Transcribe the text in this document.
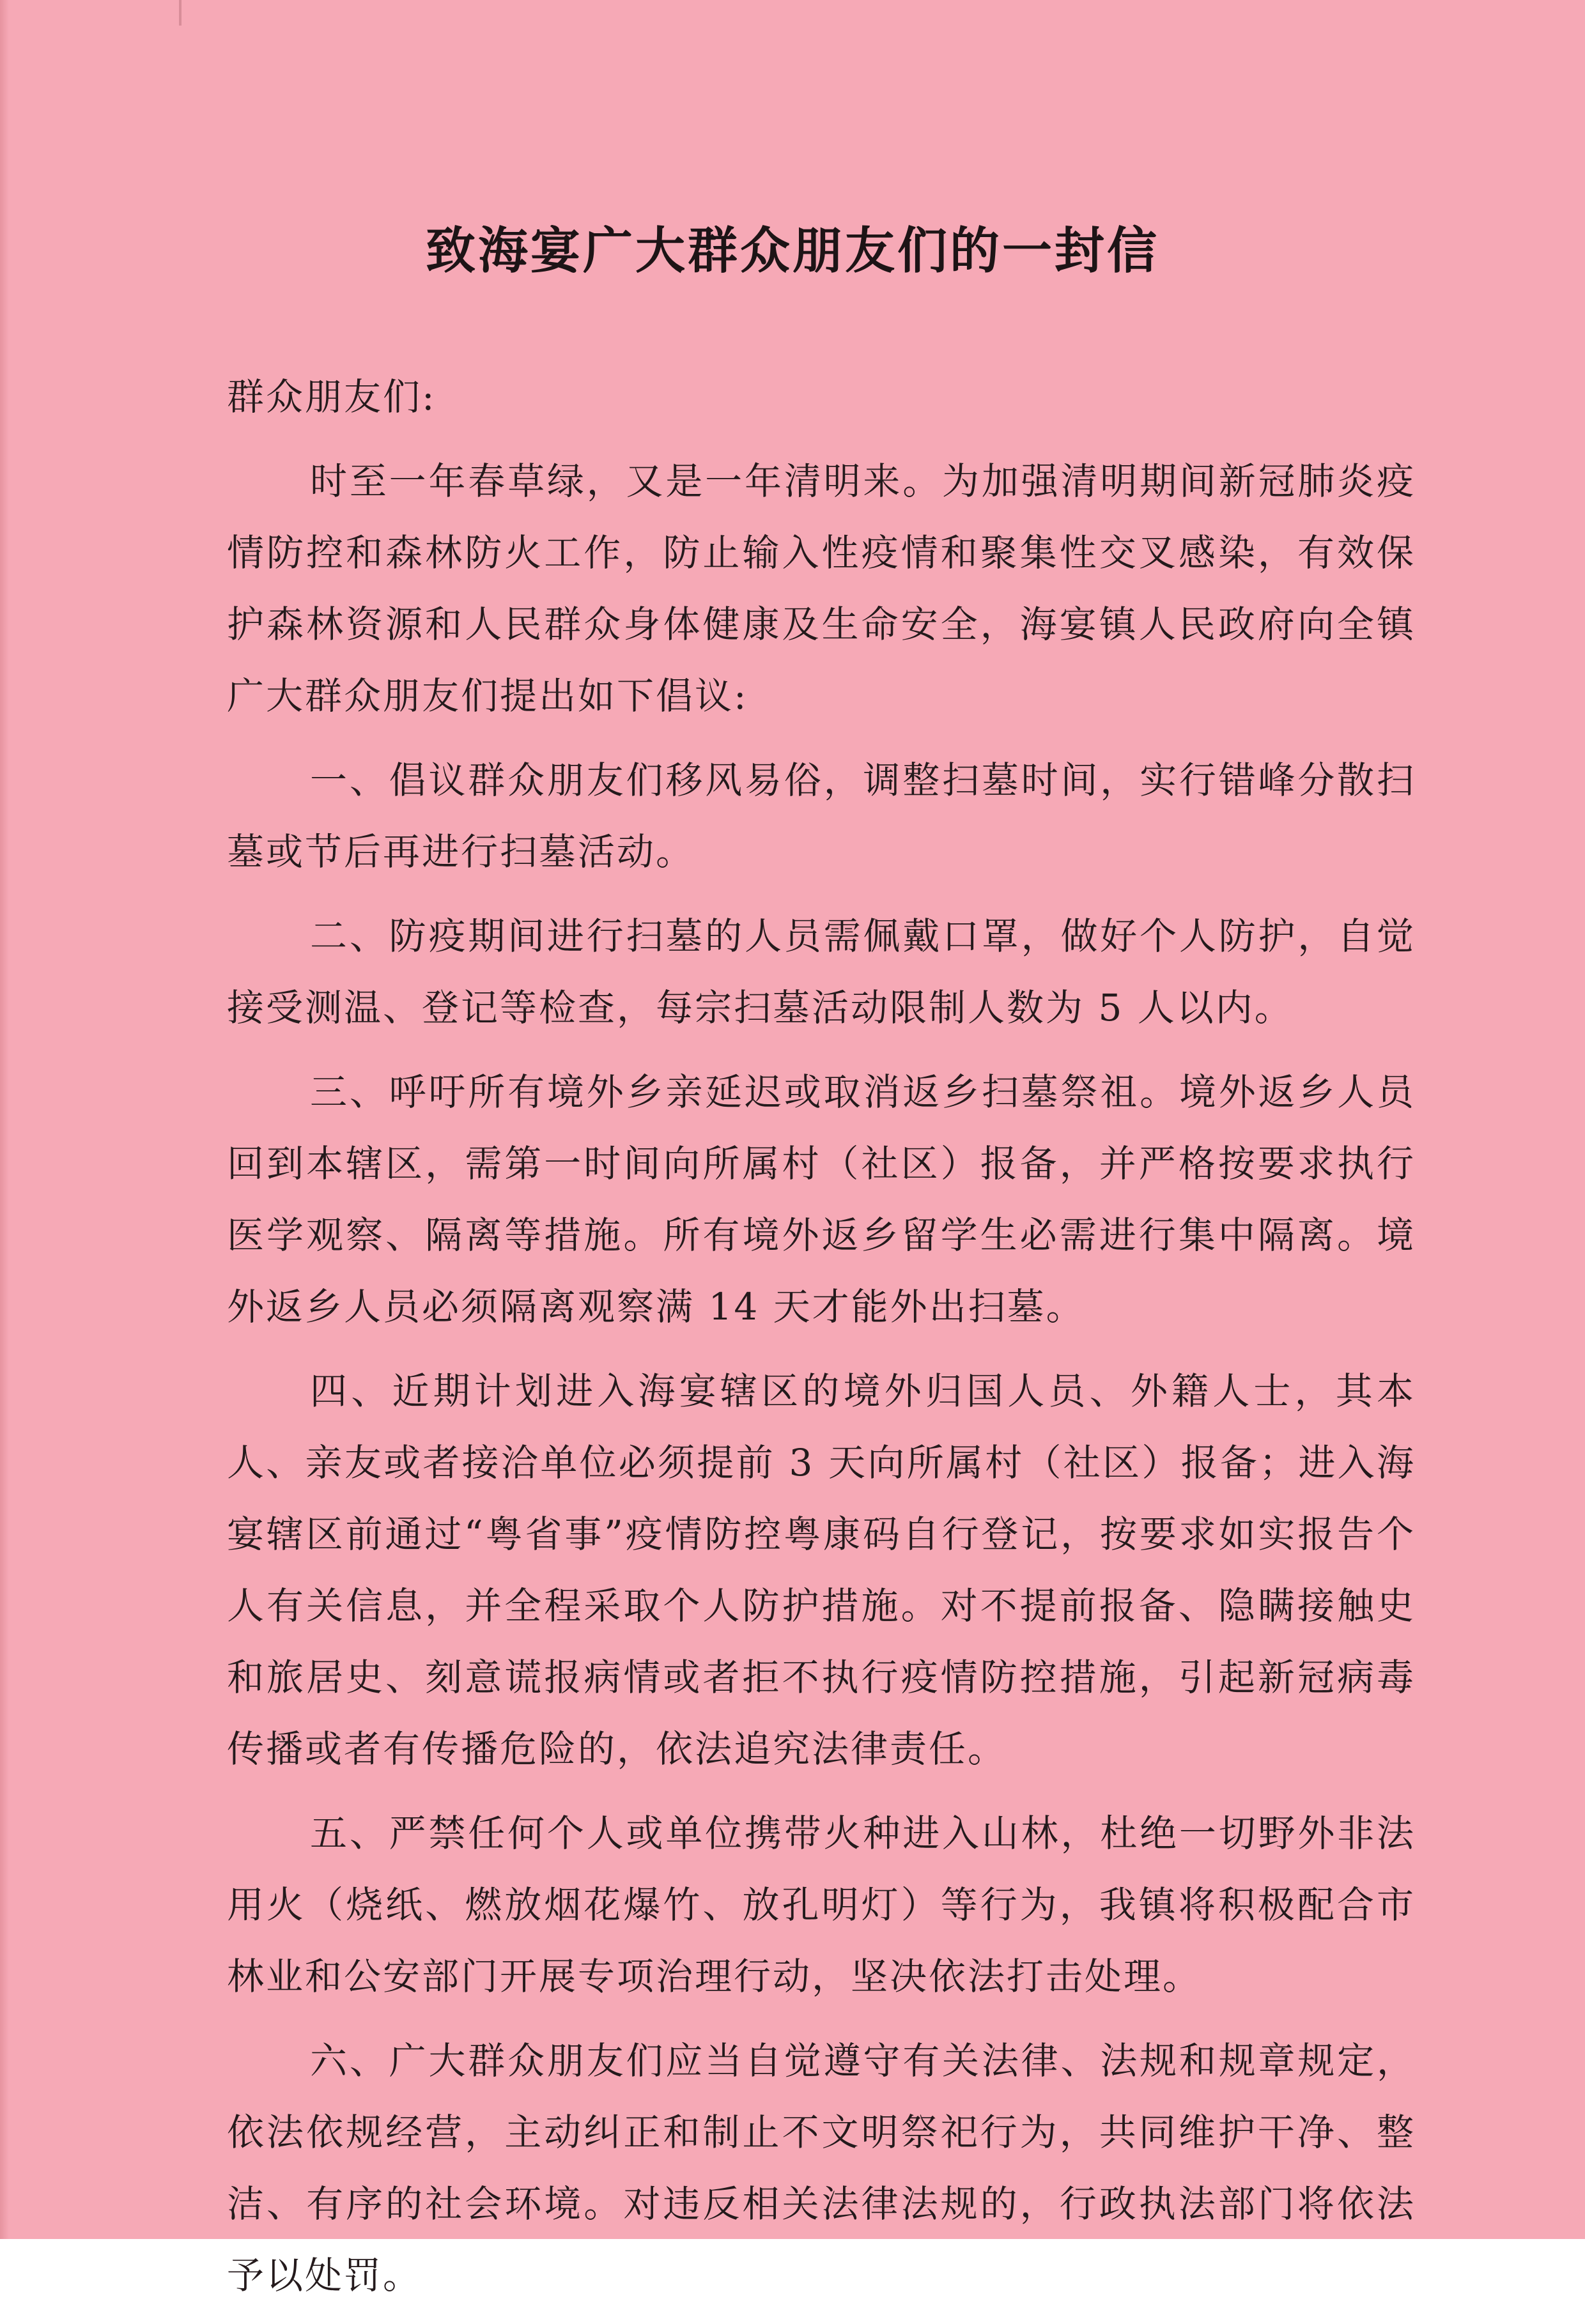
致海宴广大群众朋友们的一封信

群众朋友们:

时至一年春草绿，又是一年清明来。为加强清明期间新冠肺炎疫情防控和森林防火工作，防止输入性疫情和聚集性交叉感染，有效保护森林资源和人民群众身体健康及生命安全，海宴镇人民政府向全镇广大群众朋友们提出如下倡议:

一、倡议群众朋友们移风易俗，调整扫墓时间，实行错峰分散扫墓或节后再进行扫墓活动。

二、防疫期间进行扫墓的人员需佩戴口罩，做好个人防护，自觉接受测温、登记等检查，每宗扫墓活动限制人数为 5 人以内。

三、呼吁所有境外乡亲延迟或取消返乡扫墓祭祖。境外返乡人员回到本辖区，需第一时间向所属村（社区）报备，并严格按要求执行医学观察、隔离等措施。所有境外返乡留学生必需进行集中隔离。境外返乡人员必须隔离观察满 14 天才能外出扫墓。

四、近期计划进入海宴辖区的境外归国人员、外籍人士，其本人、亲友或者接洽单位必须提前 3 天向所属村（社区）报备；进入海宴辖区前通过“粤省事”疫情防控粤康码自行登记，按要求如实报告个人有关信息，并全程采取个人防护措施。对不提前报备、隐瞒接触史和旅居史、刻意谎报病情或者拒不执行疫情防控措施，引起新冠病毒传播或者有传播危险的，依法追究法律责任。

五、严禁任何个人或单位携带火种进入山林，杜绝一切野外非法用火（烧纸、燃放烟花爆竹、放孔明灯）等行为，我镇将积极配合市林业和公安部门开展专项治理行动，坚决依法打击处理。

六、广大群众朋友们应当自觉遵守有关法律、法规和规章规定，依法依规经营，主动纠正和制止不文明祭祀行为，共同维护干净、整洁、有序的社会环境。对违反相关法律法规的，行政执法部门将依法予以处罚。
